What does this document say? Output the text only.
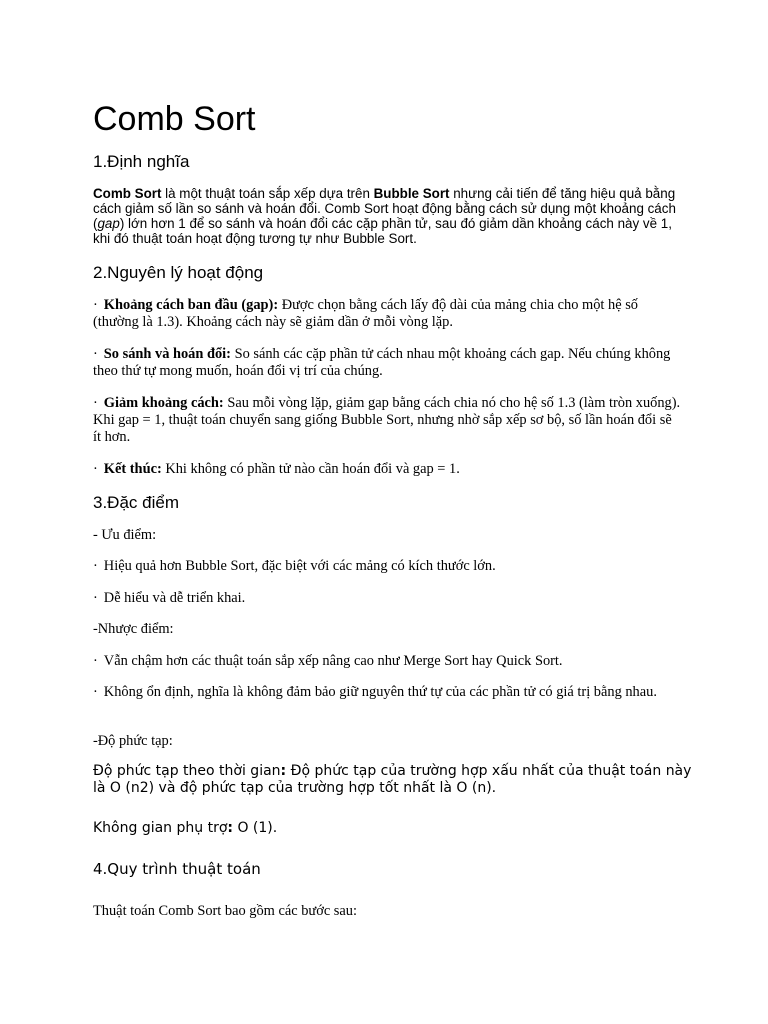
Comb Sort
1.Định nghĩa

Comb Sort là một thuật toán sắp xếp dựa trên Bubble Sort nhưng cải tiến để tăng hiệu quả bằng cách giảm số lần so sánh và hoán đổi. Comb Sort hoạt động bằng cách sử dụng một khoảng cách (gap) lớn hơn 1 để so sánh và hoán đổi các cặp phần tử, sau đó giảm dần khoảng cách này về 1, khi đó thuật toán hoạt động tương tự như Bubble Sort.

2.Nguyên lý hoạt động

· Khoảng cách ban đầu (gap): Được chọn bằng cách lấy độ dài của mảng chia cho một hệ số (thường là 1.3). Khoảng cách này sẽ giảm dần ở mỗi vòng lặp.

· So sánh và hoán đổi: So sánh các cặp phần tử cách nhau một khoảng cách gap. Nếu chúng không theo thứ tự mong muốn, hoán đổi vị trí của chúng.

· Giảm khoảng cách: Sau mỗi vòng lặp, giảm gap bằng cách chia nó cho hệ số 1.3 (làm tròn xuống). Khi gap = 1, thuật toán chuyển sang giống Bubble Sort, nhưng nhờ sắp xếp sơ bộ, số lần hoán đổi sẽ ít hơn.

· Kết thúc: Khi không có phần tử nào cần hoán đổi và gap = 1.

3.Đặc điểm

- Ưu điểm:

· Hiệu quả hơn Bubble Sort, đặc biệt với các mảng có kích thước lớn.

· Dễ hiểu và dễ triển khai.

-Nhược điểm:

· Vẫn chậm hơn các thuật toán sắp xếp nâng cao như Merge Sort hay Quick Sort.

· Không ổn định, nghĩa là không đảm bảo giữ nguyên thứ tự của các phần tử có giá trị bằng nhau.

-Độ phức tạp:

Độ phức tạp theo thời gian: Độ phức tạp của trường hợp xấu nhất của thuật toán này là O (n2) và độ phức tạp của trường hợp tốt nhất là O (n).

Không gian phụ trợ: O (1).

4.Quy trình thuật toán

Thuật toán Comb Sort bao gồm các bước sau:
